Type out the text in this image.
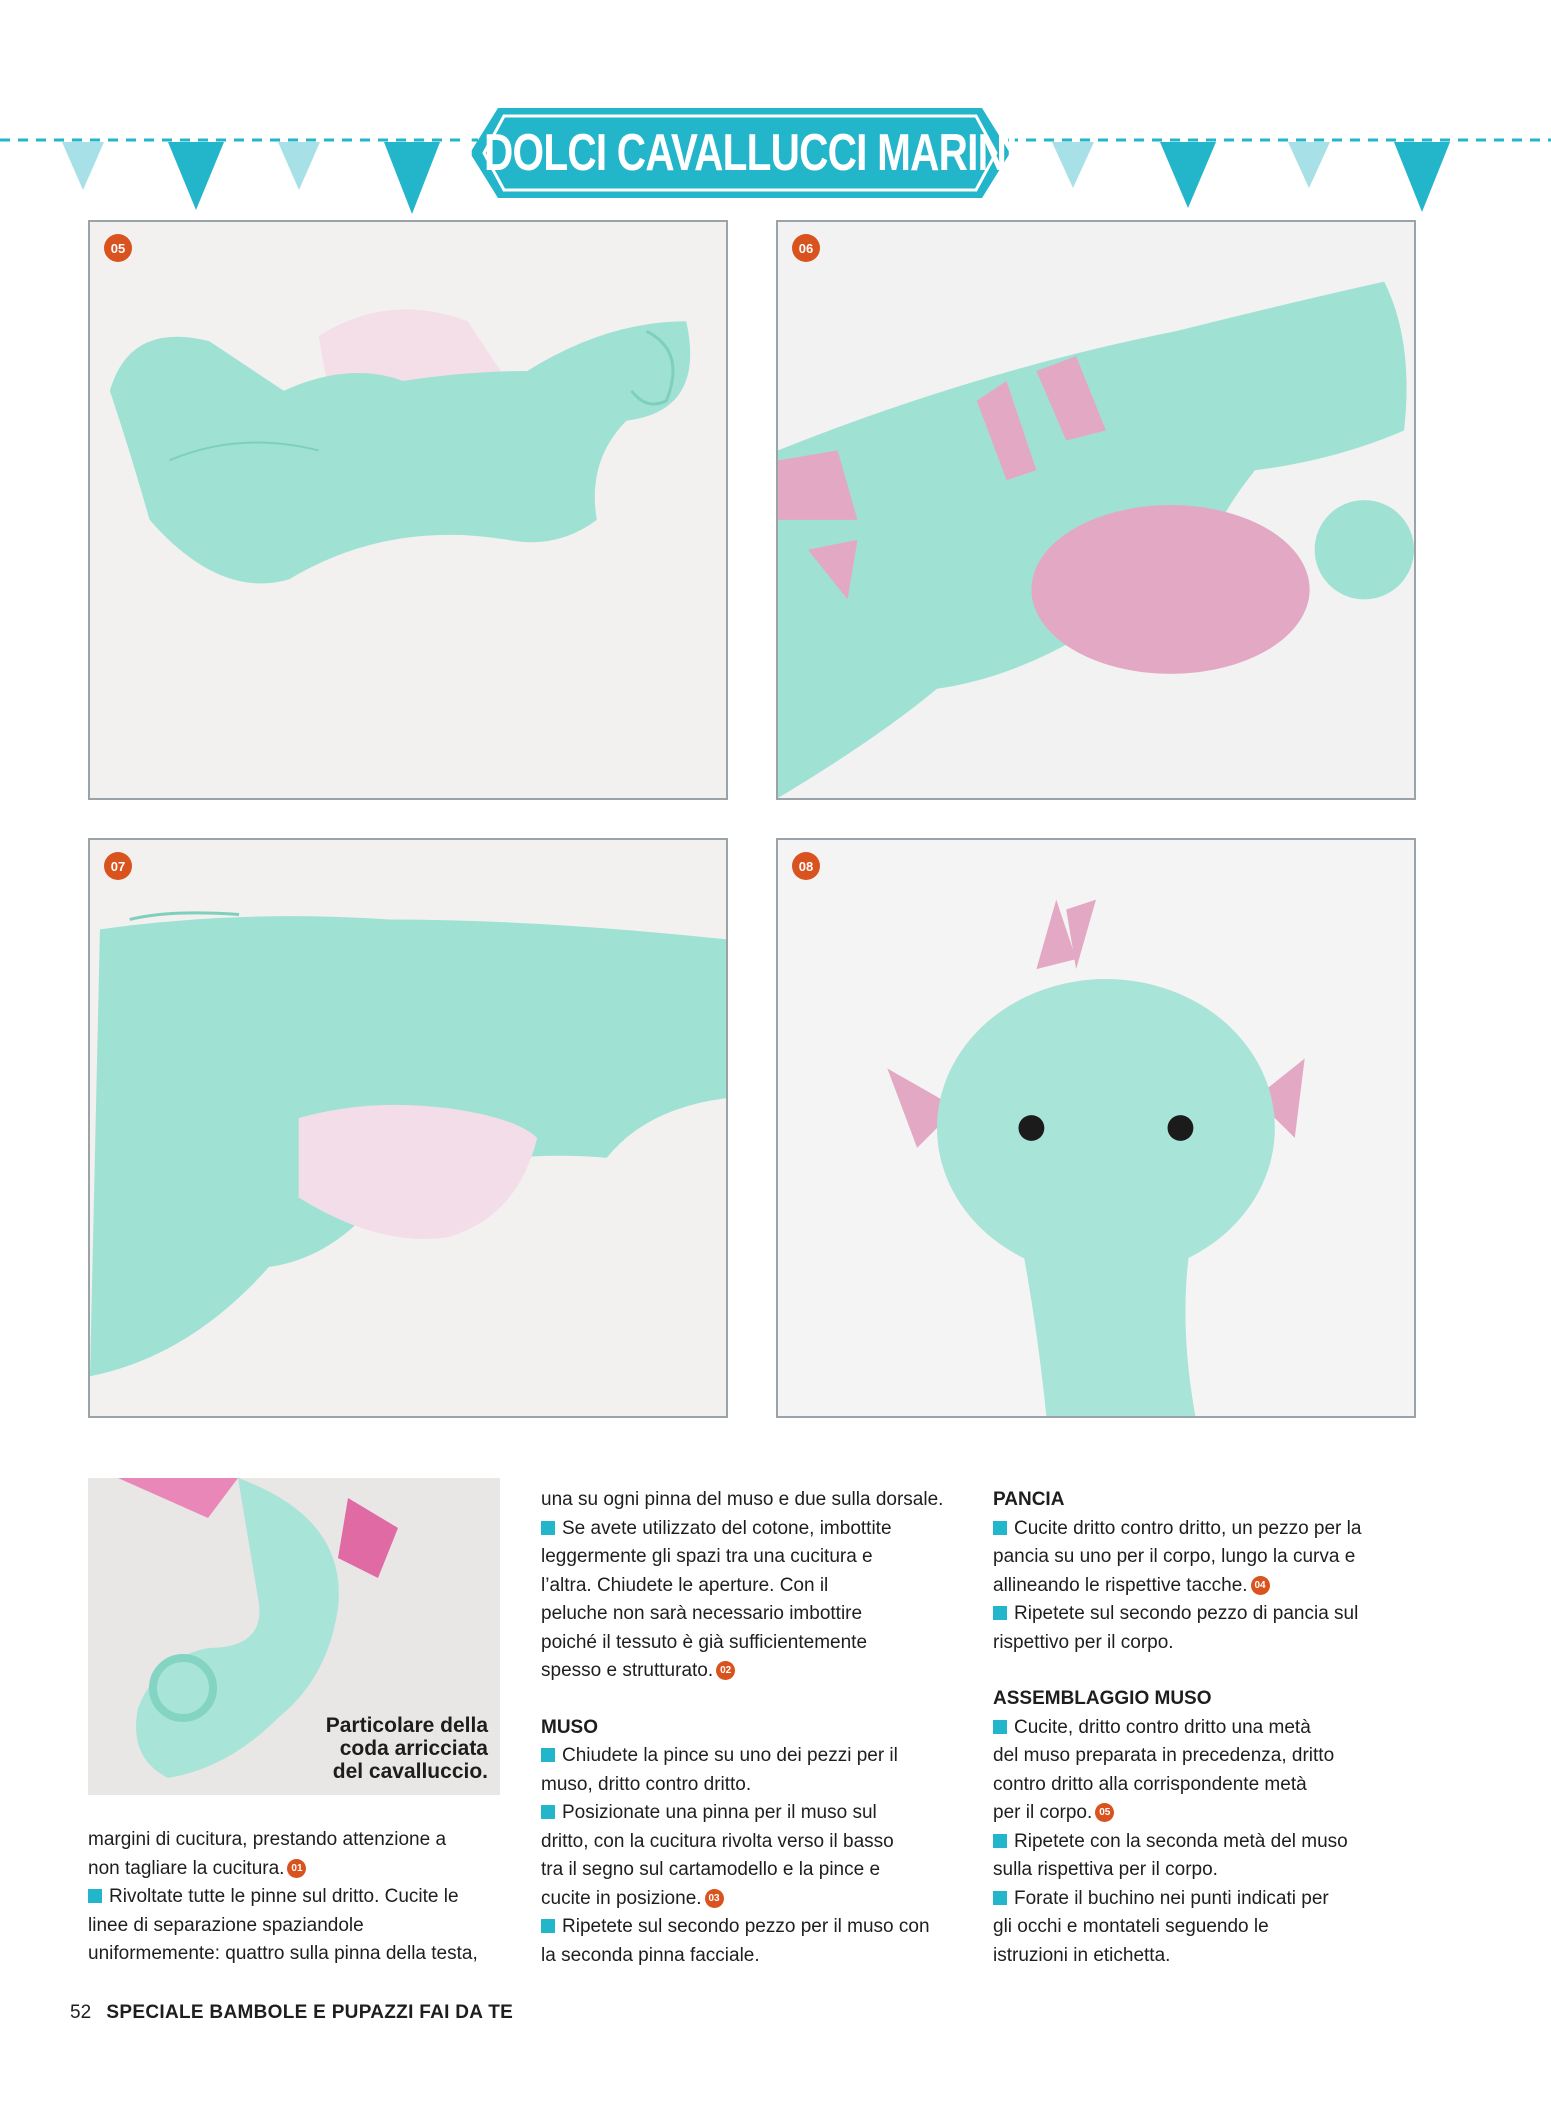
I DOLCI CAVALLUCCI MARINI
05	06
07	08
Particolare della
coda arricciata
del cavalluccio.

margini di cucitura, prestando attenzione a

non tagliare la cucitura. 01

Rivoltate tutte le pinne sul dritto. Cucite le

linee di separazione spaziandole

uniformemente: quattro sulla pinna della testa,

una su ogni pinna del muso e due sulla dorsale.

Se avete utilizzato del cotone, imbottite

leggermente gli spazi tra una cucitura e

l’altra. Chiudete le aperture. Con il

peluche non sarà necessario imbottire

poiché il tessuto è già sufficientemente

spesso e strutturato. 02

MUSO

Chiudete la pince su uno dei pezzi per il

muso, dritto contro dritto.

Posizionate una pinna per il muso sul

dritto, con la cucitura rivolta verso il basso

tra il segno sul cartamodello e la pince e

cucite in posizione. 03

Ripetete sul secondo pezzo per il muso con

la seconda pinna facciale.

PANCIA

Cucite dritto contro dritto, un pezzo per la

pancia su uno per il corpo, lungo la curva e

allineando le rispettive tacche. 04

Ripetete sul secondo pezzo di pancia sul

rispettivo per il corpo.

ASSEMBLAGGIO MUSO

Cucite, dritto contro dritto una metà

del muso preparata in precedenza, dritto

contro dritto alla corrispondente metà

per il corpo. 05

Ripetete con la seconda metà del muso

sulla rispettiva per il corpo.

Forate il buchino nei punti indicati per

gli occhi e montateli seguendo le

istruzioni in etichetta.

52 SPECIALE BAMBOLE E PUPAZZI FAI DA TE
